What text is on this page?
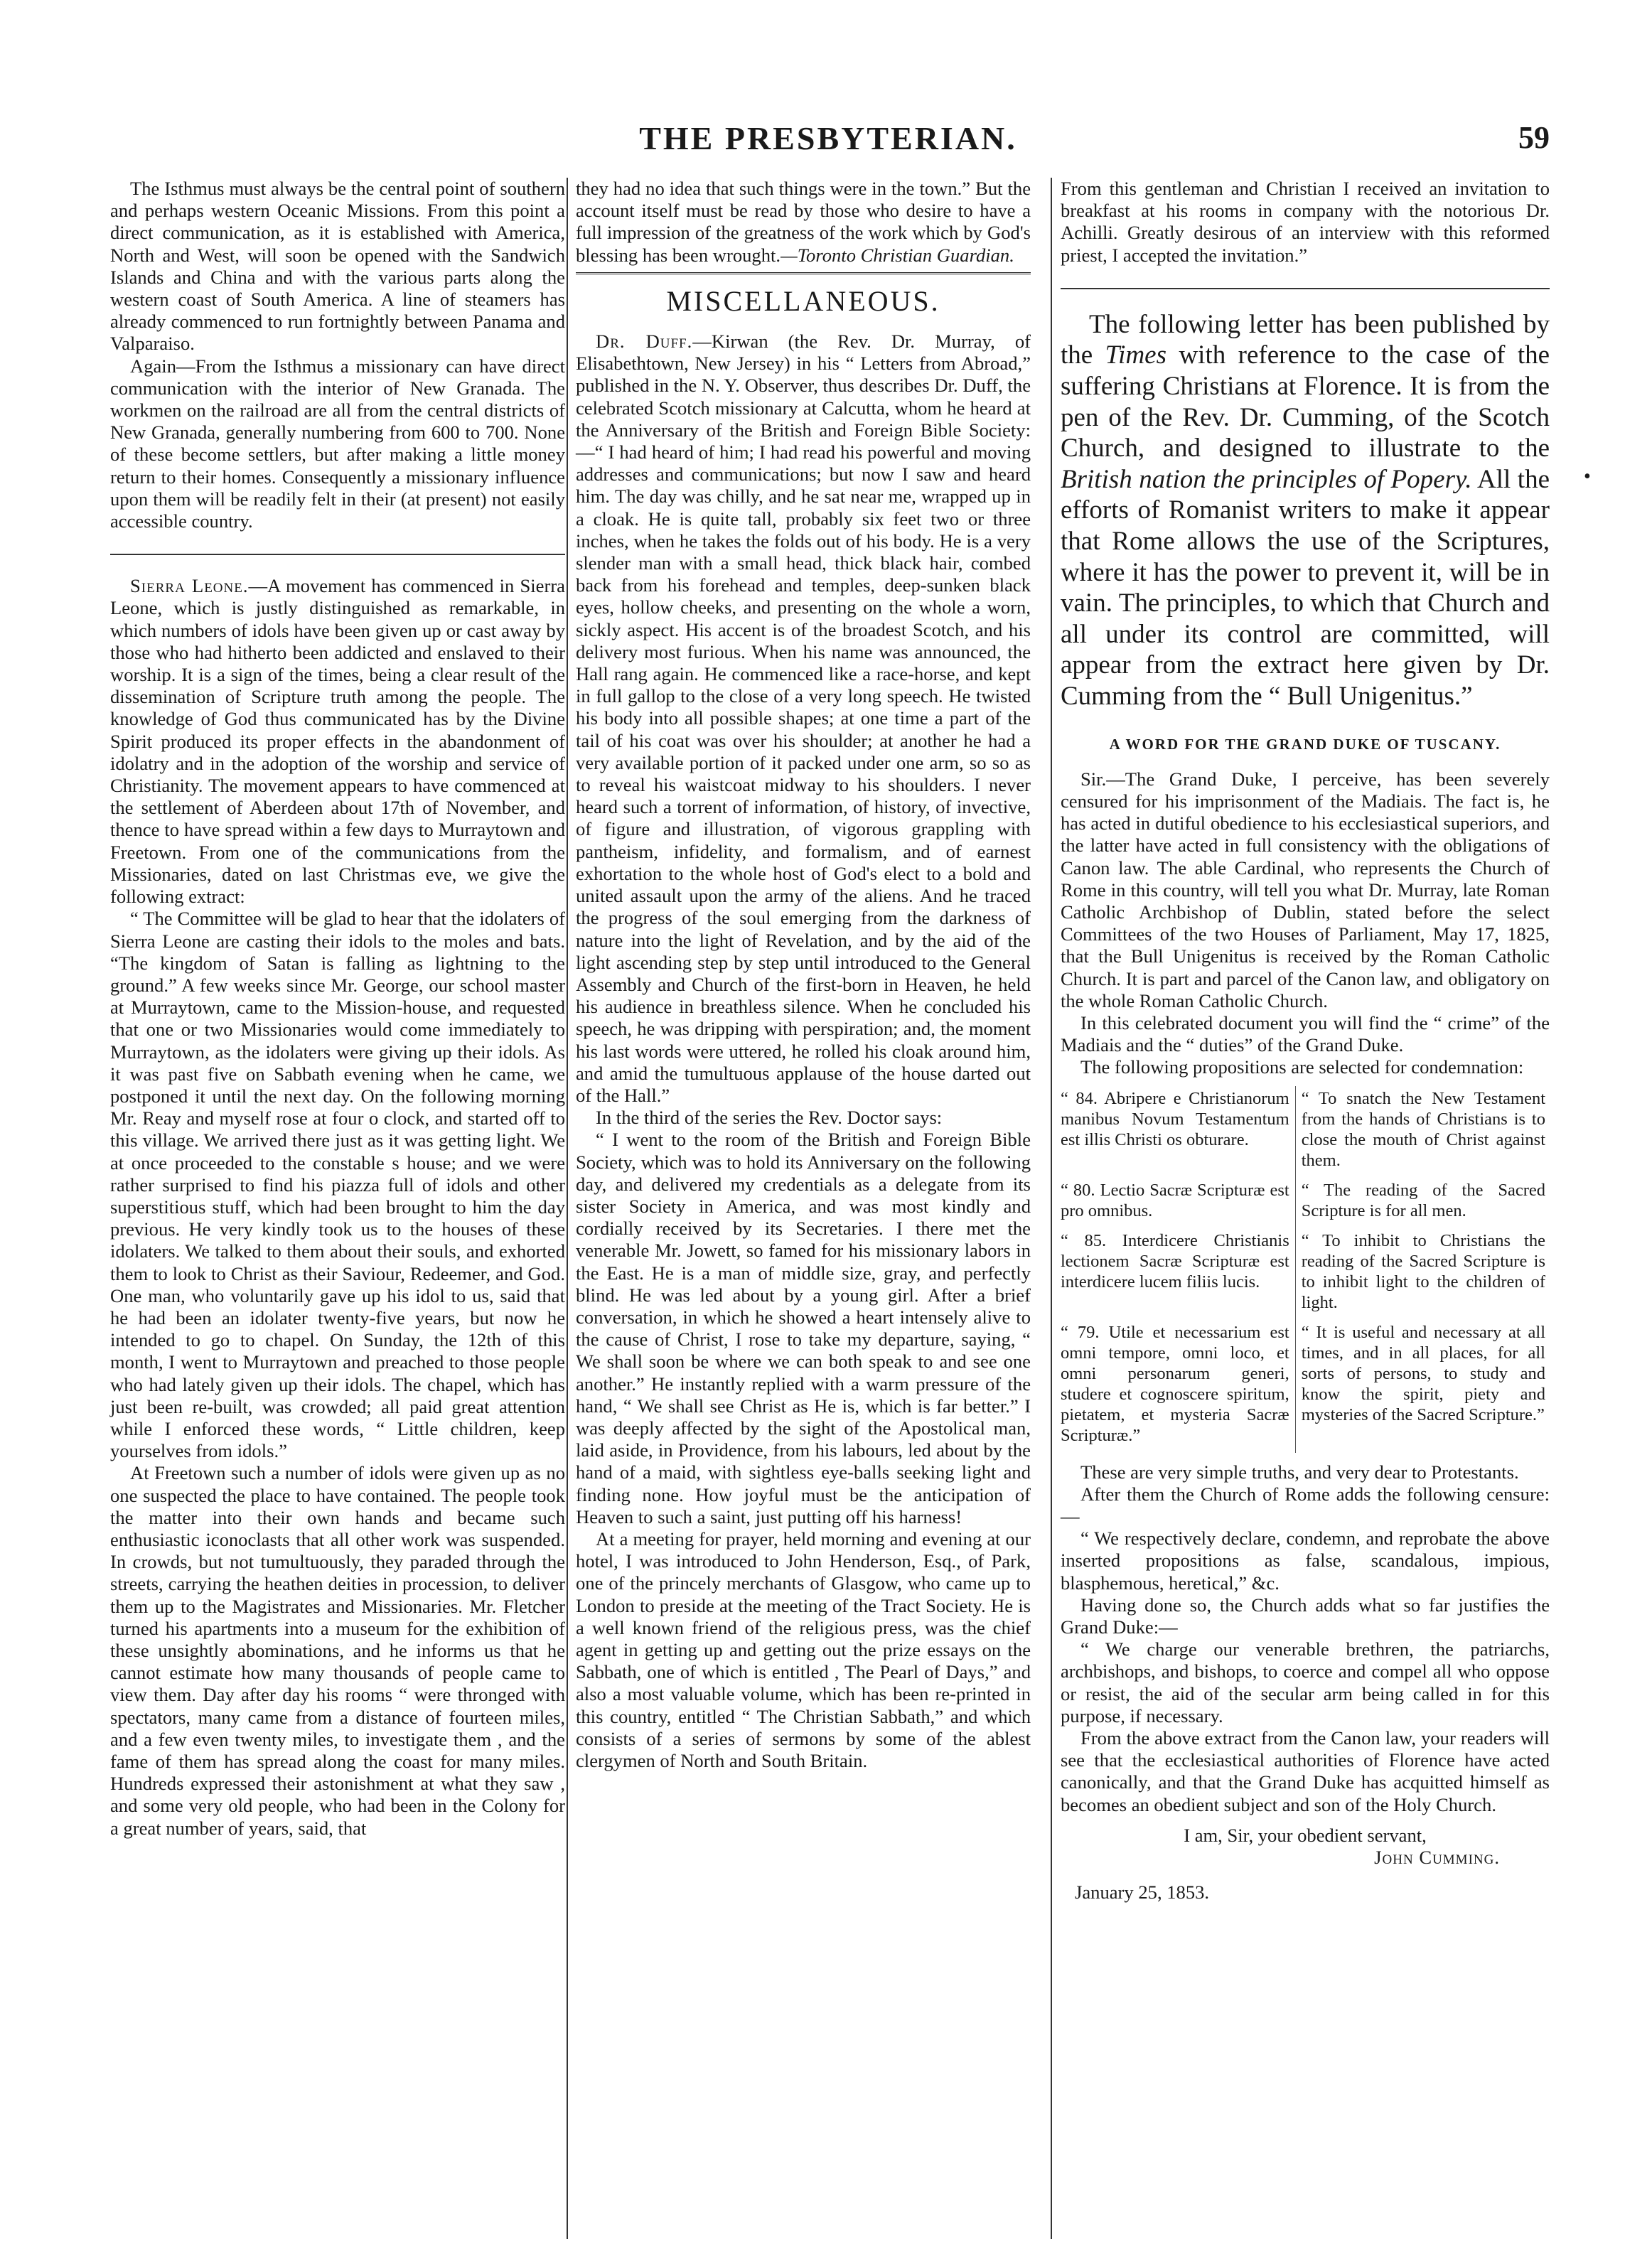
THE PRESBYTERIAN.	59
•

The Isthmus must always be the central point of southern and perhaps western Oceanic Missions. From this point a direct communication, as it is established with America, North and West, will soon be opened with the Sandwich Islands and China and with the various parts along the western coast of South America. A line of steamers has already commenced to run fortnightly between Panama and Valparaiso.

Again—From the Isthmus a missionary can have direct communication with the interior of New Granada. The workmen on the railroad are all from the central districts of New Granada, generally numbering from 600 to 700. None of these become settlers, but after making a little money return to their homes. Consequently a missionary influence upon them will be readily felt in their (at present) not easily accessible country.

Sierra Leone.—A movement has commenced in Sierra Leone, which is justly distinguished as remarkable, in which numbers of idols have been given up or cast away by those who had hitherto been addicted and enslaved to their worship. It is a sign of the times, being a clear result of the dissemination of Scripture truth among the people. The knowledge of God thus communicated has by the Divine Spirit produced its proper effects in the abandonment of idolatry and in the adoption of the worship and service of Christianity. The movement appears to have commenced at the settlement of Aberdeen about 17th of November, and thence to have spread within a few days to Murraytown and Freetown. From one of the communications from the Missionaries, dated on last Christmas eve, we give the following extract:

“ The Committee will be glad to hear that the idolaters of Sierra Leone are casting their idols to the moles and bats. “The kingdom of Satan is falling as lightning to the ground.” A few weeks since Mr. George, our school master at Murraytown, came to the Mission-house, and requested that one or two Missionaries would come immediately to Murraytown, as the idolaters were giving up their idols. As it was past five on Sabbath evening when he came, we postponed it until the next day. On the following morning Mr. Reay and myself rose at four o clock, and started off to this village. We arrived there just as it was getting light. We at once proceeded to the constable s house; and we were rather surprised to find his piazza full of idols and other superstitious stuff, which had been brought to him the day previous. He very kindly took us to the houses of these idolaters. We talked to them about their souls, and exhorted them to look to Christ as their Saviour, Redeemer, and God. One man, who voluntarily gave up his idol to us, said that he had been an idolater twenty-five years, but now he intended to go to chapel. On Sunday, the 12th of this month, I went to Murraytown and preached to those people who had lately given up their idols. The chapel, which has just been re-built, was crowded; all paid great attention while I enforced these words, “ Little children, keep yourselves from idols.”

At Freetown such a number of idols were given up as no one suspected the place to have contained. The people took the matter into their own hands and became such enthusiastic iconoclasts that all other work was suspended. In crowds, but not tumultuously, they paraded through the streets, carrying the heathen deities in procession, to deliver them up to the Magistrates and Missionaries. Mr. Fletcher turned his apartments into a museum for the exhibition of these unsightly abominations, and he informs us that he cannot estimate how many thousands of people came to view them. Day after day his rooms “ were thronged with spectators, many came from a distance of fourteen miles, and a few even twenty miles, to investigate them , and the fame of them has spread along the coast for many miles. Hundreds expressed their astonishment at what they saw , and some very old people, who had been in the Colony for a great number of years, said, that

they had no idea that such things were in the town.” But the account itself must be read by those who desire to have a full impression of the greatness of the work which by God's blessing has been wrought.—Toronto Christian Guardian.

MISCELLANEOUS.

Dr. Duff.—Kirwan (the Rev. Dr. Murray, of Elisabethtown, New Jersey) in his “ Letters from Abroad,” published in the N. Y. Observer, thus describes Dr. Duff, the celebrated Scotch missionary at Calcutta, whom he heard at the Anniversary of the British and Foreign Bible Society:—“ I had heard of him; I had read his powerful and moving addresses and communications; but now I saw and heard him. The day was chilly, and he sat near me, wrapped up in a cloak. He is quite tall, probably six feet two or three inches, when he takes the folds out of his body. He is a very slender man with a small head, thick black hair, combed back from his forehead and temples, deep-sunken black eyes, hollow cheeks, and presenting on the whole a worn, sickly aspect. His accent is of the broadest Scotch, and his delivery most furious. When his name was announced, the Hall rang again. He commenced like a race-horse, and kept in full gallop to the close of a very long speech. He twisted his body into all possible shapes; at one time a part of the tail of his coat was over his shoulder; at another he had a very available portion of it packed under one arm, so so as to reveal his waistcoat midway to his shoulders. I never heard such a torrent of information, of history, of invective, of figure and illustration, of vigorous grappling with pantheism, infidelity, and formalism, and of earnest exhortation to the whole host of God's elect to a bold and united assault upon the army of the aliens. And he traced the progress of the soul emerging from the darkness of nature into the light of Revelation, and by the aid of the light ascending step by step until introduced to the General Assembly and Church of the first-born in Heaven, he held his audience in breathless silence. When he concluded his speech, he was dripping with perspiration; and, the moment his last words were uttered, he rolled his cloak around him, and amid the tumultuous applause of the house darted out of the Hall.”

In the third of the series the Rev. Doctor says:

“ I went to the room of the British and Foreign Bible Society, which was to hold its Anniversary on the following day, and delivered my credentials as a delegate from its sister Society in America, and was most kindly and cordially received by its Secretaries. I there met the venerable Mr. Jowett, so famed for his missionary labors in the East. He is a man of middle size, gray, and perfectly blind. He was led about by a young girl. After a brief conversation, in which he showed a heart intensely alive to the cause of Christ, I rose to take my departure, saying, “ We shall soon be where we can both speak to and see one another.” He instantly replied with a warm pressure of the hand, “ We shall see Christ as He is, which is far better.” I was deeply affected by the sight of the Apostolical man, laid aside, in Providence, from his labours, led about by the hand of a maid, with sightless eye-balls seeking light and finding none. How joyful must be the anticipation of Heaven to such a saint, just putting off his harness!

At a meeting for prayer, held morning and evening at our hotel, I was introduced to John Henderson, Esq., of Park, one of the princely merchants of Glasgow, who came up to London to preside at the meeting of the Tract Society. He is a well known friend of the religious press, was the chief agent in getting up and getting out the prize essays on the Sabbath, one of which is entitled , The Pearl of Days,” and also a most valuable volume, which has been re-printed in this country, entitled “ The Christian Sabbath,” and which consists of a series of sermons by some of the ablest clergymen of North and South Britain.

From this gentleman and Christian I received an invitation to breakfast at his rooms in company with the notorious Dr. Achilli. Greatly desirous of an interview with this reformed priest, I accepted the invitation.”

The following letter has been published by the Times with reference to the case of the suffering Christians at Florence. It is from the pen of the Rev. Dr. Cumming, of the Scotch Church, and designed to illustrate to the British nation the principles of Popery. All the efforts of Romanist writers to make it appear that Rome allows the use of the Scriptures, where it has the power to prevent it, will be in vain. The principles, to which that Church and all under its control are committed, will appear from the extract here given by Dr. Cumming from the “ Bull Unigenitus.”

A WORD FOR THE GRAND DUKE OF TUSCANY.

Sir.—The Grand Duke, I perceive, has been severely censured for his imprisonment of the Madiais. The fact is, he has acted in dutiful obedience to his ecclesiastical superiors, and the latter have acted in full consistency with the obligations of Canon law. The able Cardinal, who represents the Church of Rome in this country, will tell you what Dr. Murray, late Roman Catholic Archbishop of Dublin, stated before the select Committees of the two Houses of Parliament, May 17, 1825, that the Bull Unigenitus is received by the Roman Catholic Church. It is part and parcel of the Canon law, and obligatory on the whole Roman Catholic Church.

In this celebrated document you will find the “ crime” of the Madiais and the “ duties” of the Grand Duke.

The following propositions are selected for condemnation:

“ 84. Abripere e Christianorum manibus Novum Testamentum est illis Christi os obturare.	“ To snatch the New Testament from the hands of Christians is to close the mouth of Christ against them.
“ 80. Lectio Sacræ Scripturæ est pro omnibus.	“ The reading of the Sacred Scripture is for all men.
“ 85. Interdicere Christianis lectionem Sacræ Scripturæ est interdicere lucem filiis lucis.	“ To inhibit to Christians the reading of the Sacred Scripture is to inhibit light to the children of light.
“ 79. Utile et necessarium est omni tempore, omni loco, et omni personarum generi, studere et cognoscere spiritum, pietatem, et mysteria Sacræ Scripturæ.”	“ It is useful and necessary at all times, and in all places, for all sorts of persons, to study and know the spirit, piety and mysteries of the Sacred Scripture.”

These are very simple truths, and very dear to Protestants.

After them the Church of Rome adds the following censure:—

“ We respectively declare, condemn, and reprobate the above inserted propositions as false, scandalous, impious, blasphemous, heretical,” &c.

Having done so, the Church adds what so far justifies the Grand Duke:—

“ We charge our venerable brethren, the patriarchs, archbishops, and bishops, to coerce and compel all who oppose or resist, the aid of the secular arm being called in for this purpose, if necessary.

From the above extract from the Canon law, your readers will see that the ecclesiastical authorities of Florence have acted canonically, and that the Grand Duke has acquitted himself as becomes an obedient subject and son of the Holy Church.

I am, Sir, your obedient servant,
John Cumming.
January 25, 1853.
